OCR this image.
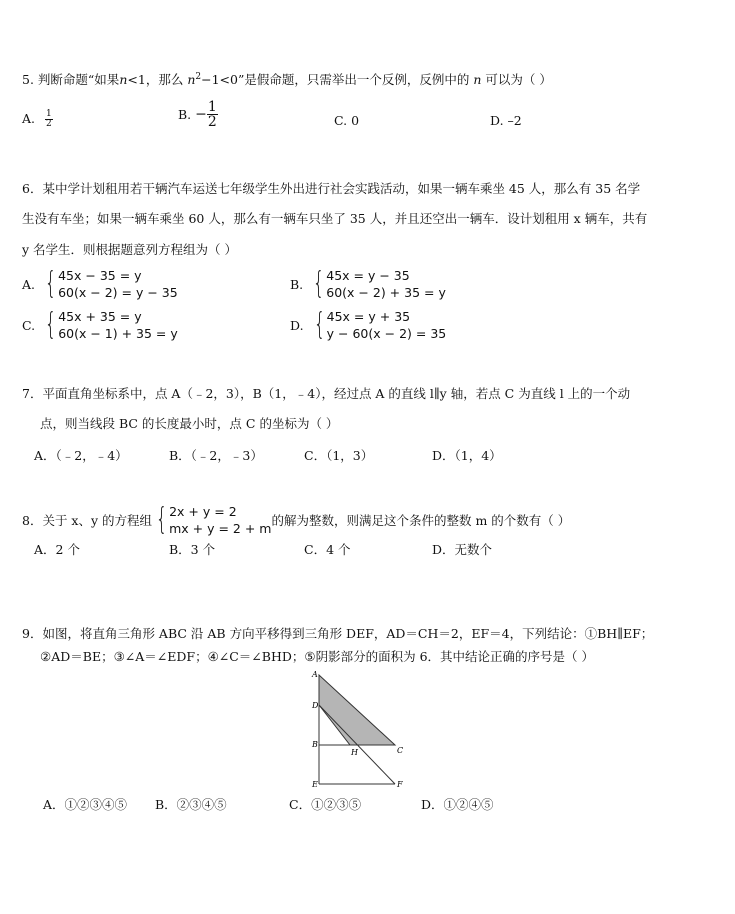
5. 判断命题“如果n<1，那么 $n^2-1<0$”是假命题，只需举出一个反例，反例中的 n 可以为（ ）
A. $\frac{1}{2}$	B. − $\frac{1}{2}$	C. 0	D. –2
6．某中学计划租用若干辆汽车运送七年级学生外出进行社会实践活动，如果一辆车乘坐 45 人，那么有 35 名学
生没有车坐；如果一辆车乘坐 60 人，那么有一辆车只坐了 35 人，并且还空出一辆车．设计划租用 x 辆车，共有
y 名学生．则根据题意列方程组为（ ）
A. { 45x − 35 = y
60(x − 2) = y − 35
B. { 45x = y − 35
60(x − 2) + 35 = y
C. { 45x + 35 = y
60(x − 1) + 35 = y
D. { 45x = y + 35
y − 60(x − 2) = 35
7．平面直角坐标系中，点 A（﹣2，3），B（1，﹣4），经过点 A 的直线 l∥y 轴，若点 C 为直线 l 上的一个动
点，则当线段 BC 的长度最小时，点 C 的坐标为（ ）
A．（﹣2，﹣4）	B．（﹣2，﹣3）	C．（1，3）	D．（1，4）
8．关于 x、y 的方程组 { 2x + y = 2
mx + y = 2 + m
的解为整数，则满足这个条件的整数 m 的个数有（ ）
A．2 个	B．3 个	C．4 个	D．无数个
9．如图，将直角三角形 ABC 沿 AB 方向平移得到三角形 DEF，AD＝CH＝2，EF＝4，下列结论：①BH∥EF；
②AD＝BE；③∠A＝∠EDF；④∠C＝∠BHD；⑤阴影部分的面积为 6．其中结论正确的序号是（ ）
A
D
B
H	C
E	F
A．①②③④⑤ B．②③④⑤	C．①②③⑤	D．①②④⑤
